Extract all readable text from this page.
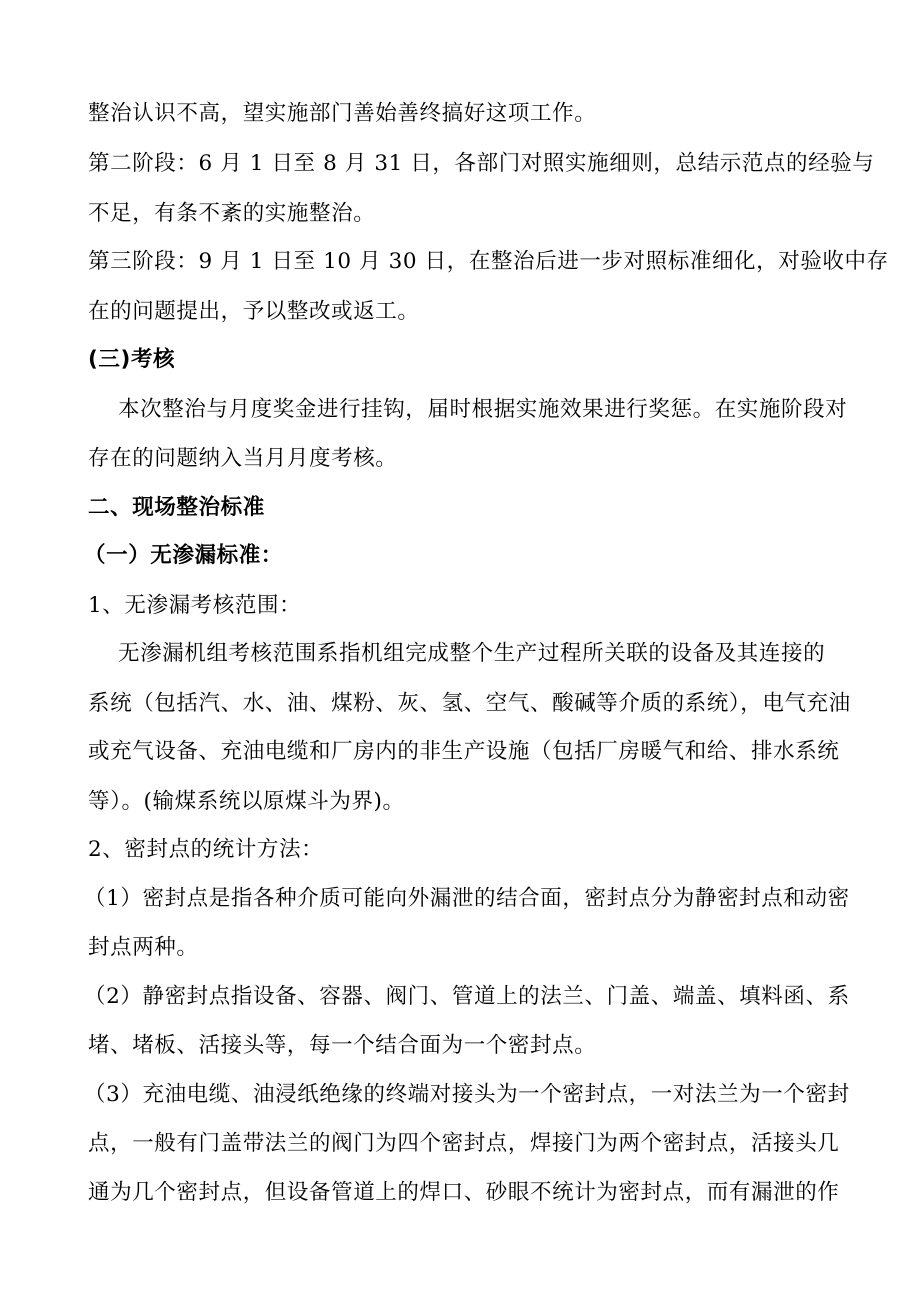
整治认识不高，望实施部门善始善终搞好这项工作。
第二阶段：6 月 1 日至 8 月 31 日，各部门对照实施细则，总结示范点的经验与
不足，有条不紊的实施整治。
第三阶段：9 月 1 日至 10 月 30 日，在整治后进一步对照标准细化，对验收中存
在的问题提出，予以整改或返工。
(三)考核
本次整治与月度奖金进行挂钩，届时根据实施效果进行奖惩。在实施阶段对
存在的问题纳入当月月度考核。
二、现场整治标准
（一）无渗漏标准：
1、无渗漏考核范围：
无渗漏机组考核范围系指机组完成整个生产过程所关联的设备及其连接的
系统（包括汽、水、油、煤粉、灰、氢、空气、酸碱等介质的系统），电气充油
或充气设备、充油电缆和厂房内的非生产设施（包括厂房暖气和给、排水系统
等）。(输煤系统以原煤斗为界)。
2、密封点的统计方法：
（1）密封点是指各种介质可能向外漏泄的结合面，密封点分为静密封点和动密
封点两种。
（2）静密封点指设备、容器、阀门、管道上的法兰、门盖、端盖、填料函、系
堵、堵板、活接头等，每一个结合面为一个密封点。
（3）充油电缆、油浸纸绝缘的终端对接头为一个密封点，一对法兰为一个密封
点，一般有门盖带法兰的阀门为四个密封点，焊接门为两个密封点，活接头几
通为几个密封点，但设备管道上的焊口、砂眼不统计为密封点，而有漏泄的作
